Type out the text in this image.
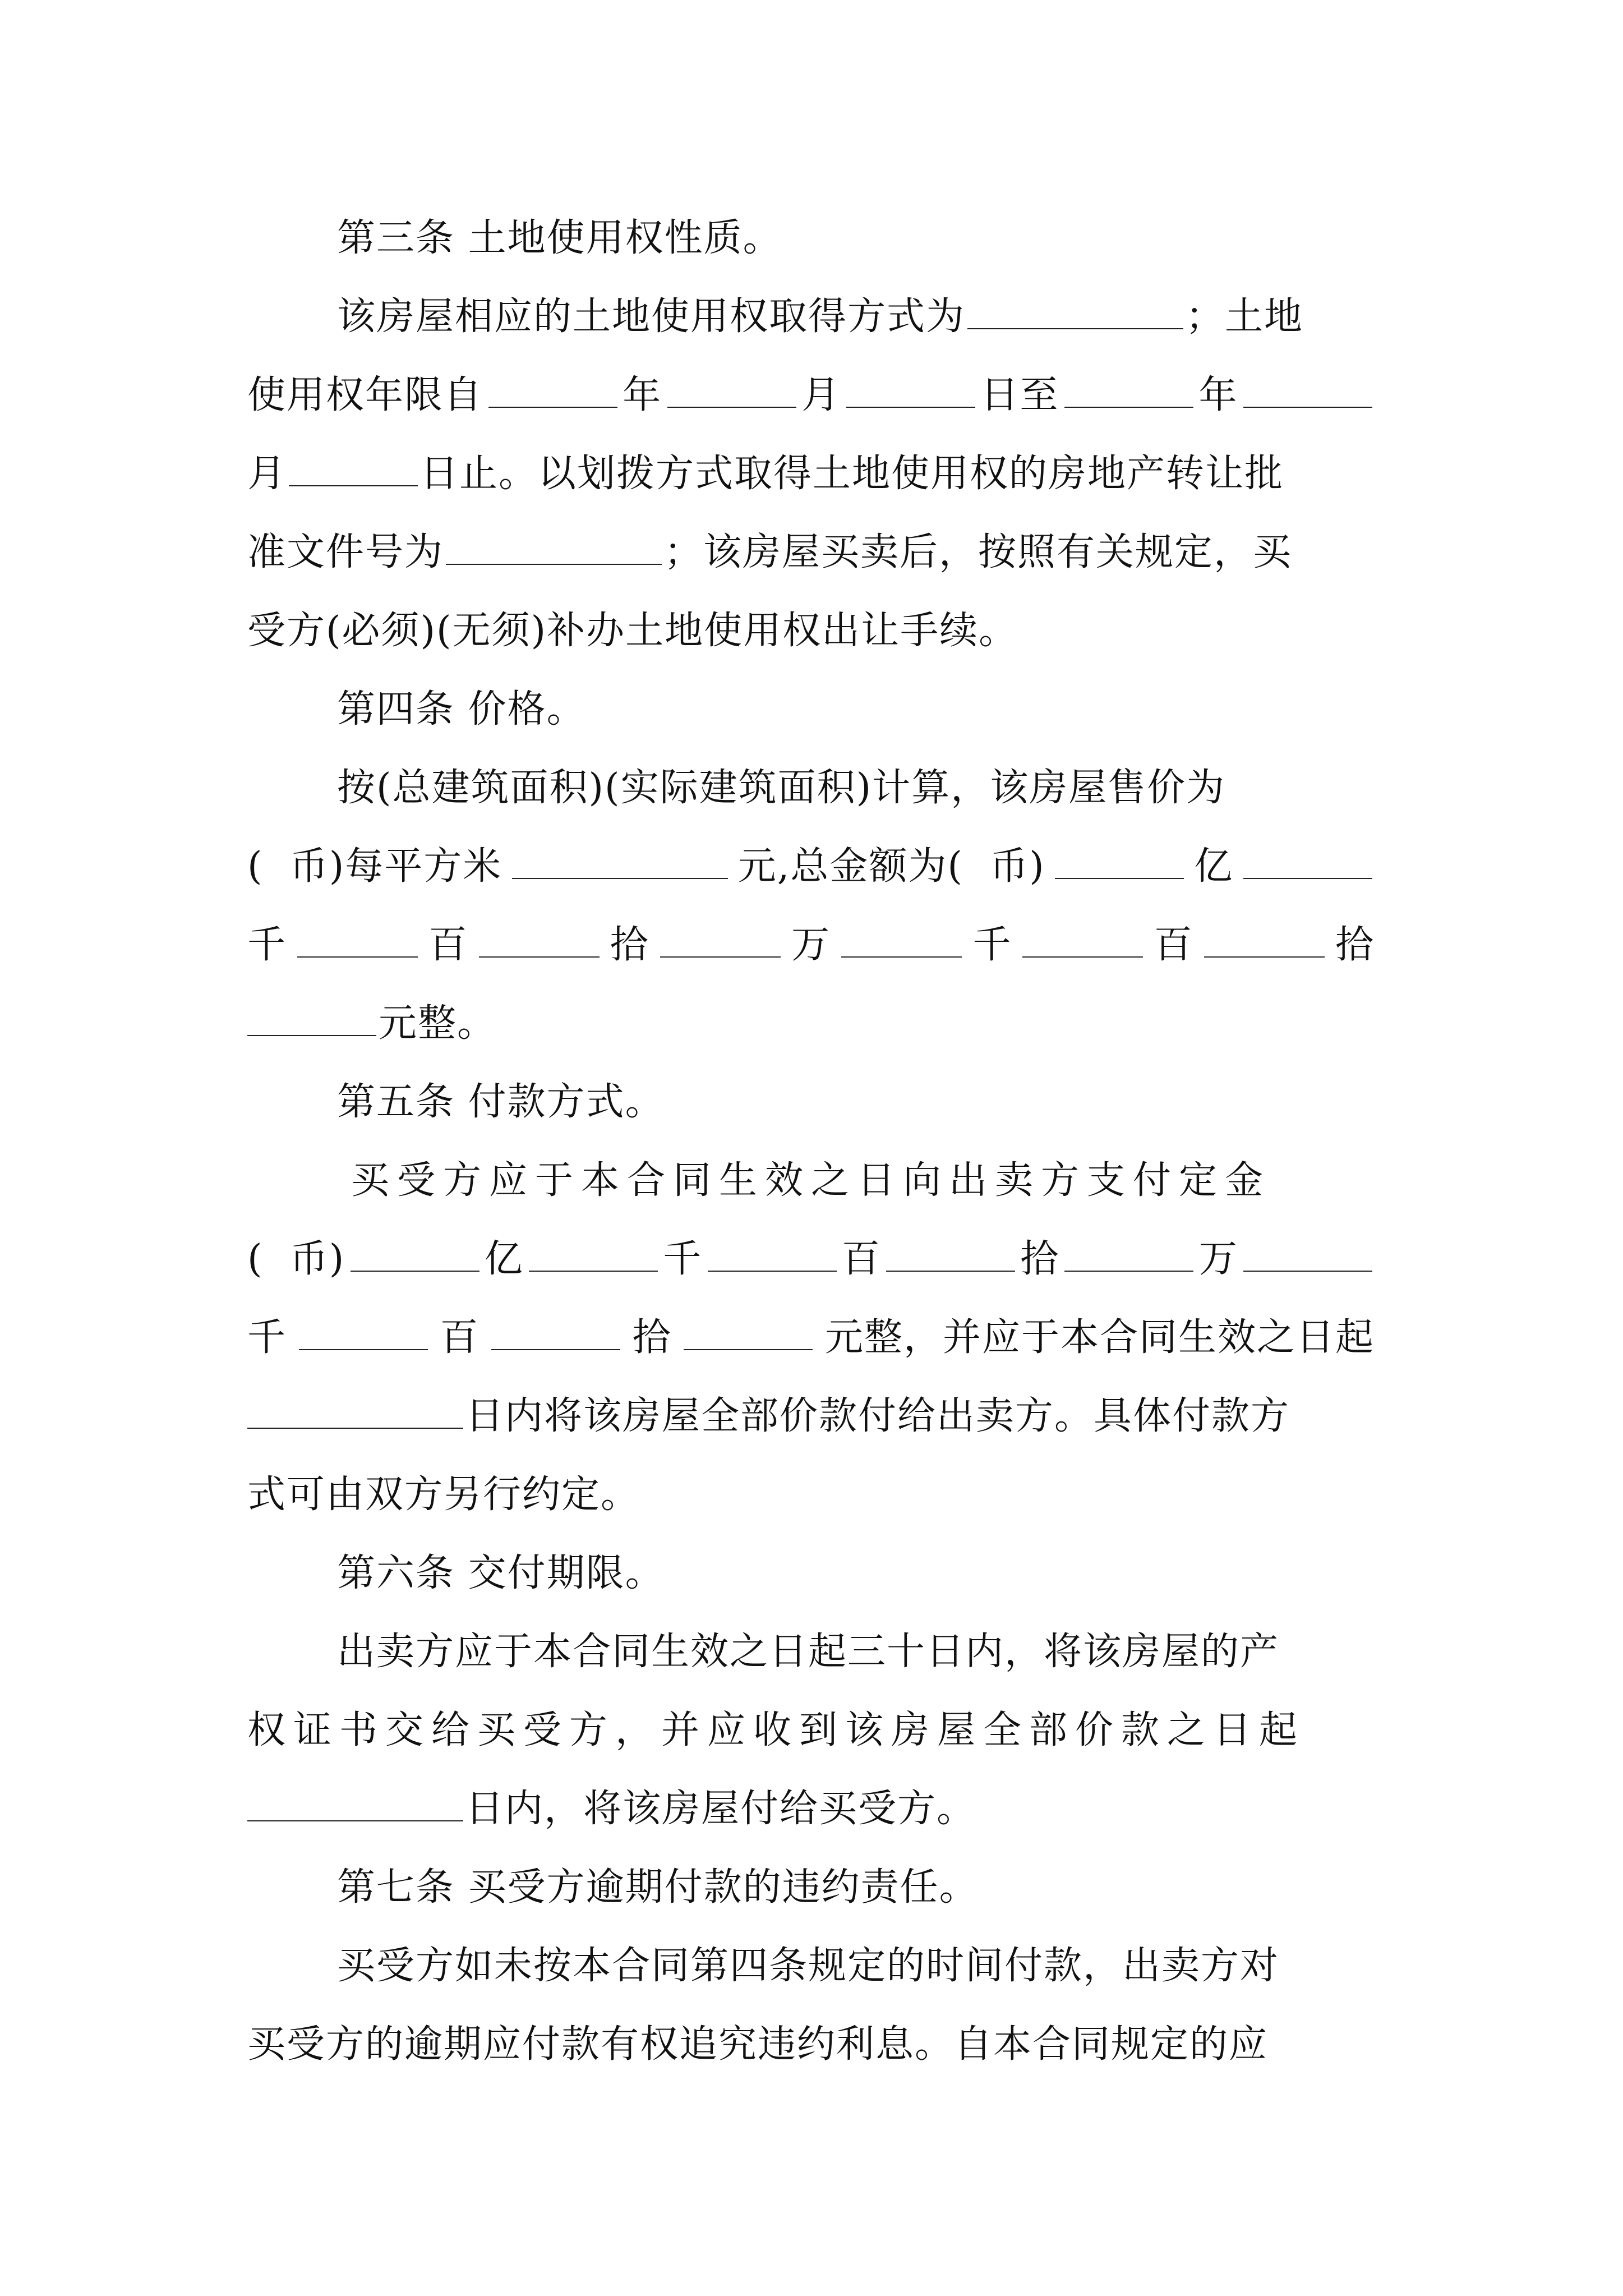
第三条 土地使用权性质。
该房屋相应的土地使用权取得方式为	；土地
使用权年限自	年	月	日至	年
月	日止。以划拨方式取得土地使用权的房地产转让批
准文件号为	；该房屋买卖后，按照有关规定，买
受方(必须)(无须)补办土地使用权出让手续。
第四条 价格。
按(总建筑面积)(实际建筑面积)计算，该房屋售价为
(  币)每平方米	元,总金额为(  币)	亿
千	百	拾	万	千	百	拾
元整。
第五条 付款方式。
买受方应于本合同生效之日向出卖方支付定金
(  币)	亿	千	百	拾	万
千	百	拾	元整，并应于本合同生效之日起
日内将该房屋全部价款付给出卖方。具体付款方
式可由双方另行约定。
第六条 交付期限。
出卖方应于本合同生效之日起三十日内，将该房屋的产
权证书交给买受方，并应收到该房屋全部价款之日起
日内，将该房屋付给买受方。
第七条 买受方逾期付款的违约责任。
买受方如未按本合同第四条规定的时间付款，出卖方对
买受方的逾期应付款有权追究违约利息。自本合同规定的应
